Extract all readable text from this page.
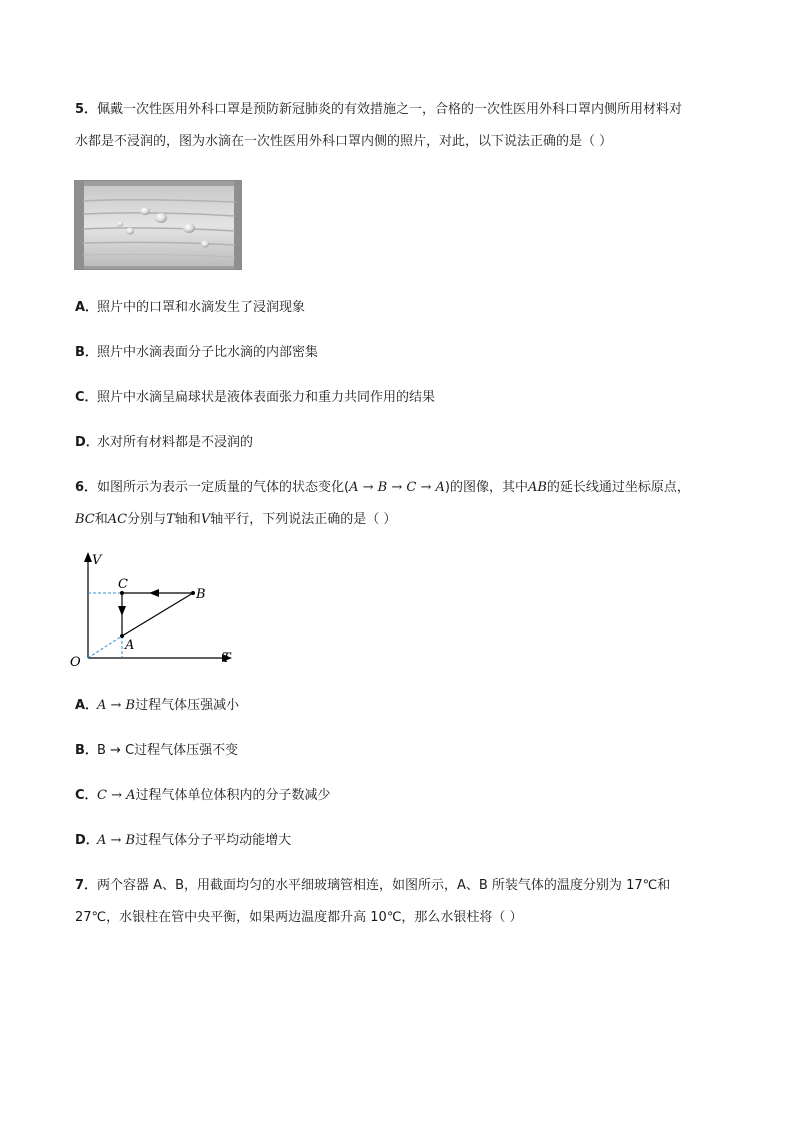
5．佩戴一次性医用外科口罩是预防新冠肺炎的有效措施之一，合格的一次性医用外科口罩内侧所用材料对
水都是不浸润的，图为水滴在一次性医用外科口罩内侧的照片，对此，以下说法正确的是（ ）
A．照片中的口罩和水滴发生了浸润现象
B．照片中水滴表面分子比水滴的内部密集
C．照片中水滴呈扁球状是液体表面张力和重力共同作用的结果
D．水对所有材料都是不浸润的
6．如图所示为表示一定质量的气体的状态变化(A → B → C → A)的图像，其中AB的延长线通过坐标原点，
BC和AC分别与T轴和V轴平行，下列说法正确的是（ ）
V
T
O
A
B
C
A．A → B过程气体压强减小
B．B → C过程气体压强不变
C．C → A过程气体单位体积内的分子数减少
D．A → B过程气体分子平均动能增大
7．两个容器 A、B，用截面均匀的水平细玻璃管相连，如图所示，A、B 所装气体的温度分别为 17℃和
27℃，水银柱在管中央平衡，如果两边温度都升高 10℃，那么水银柱将（ ）
